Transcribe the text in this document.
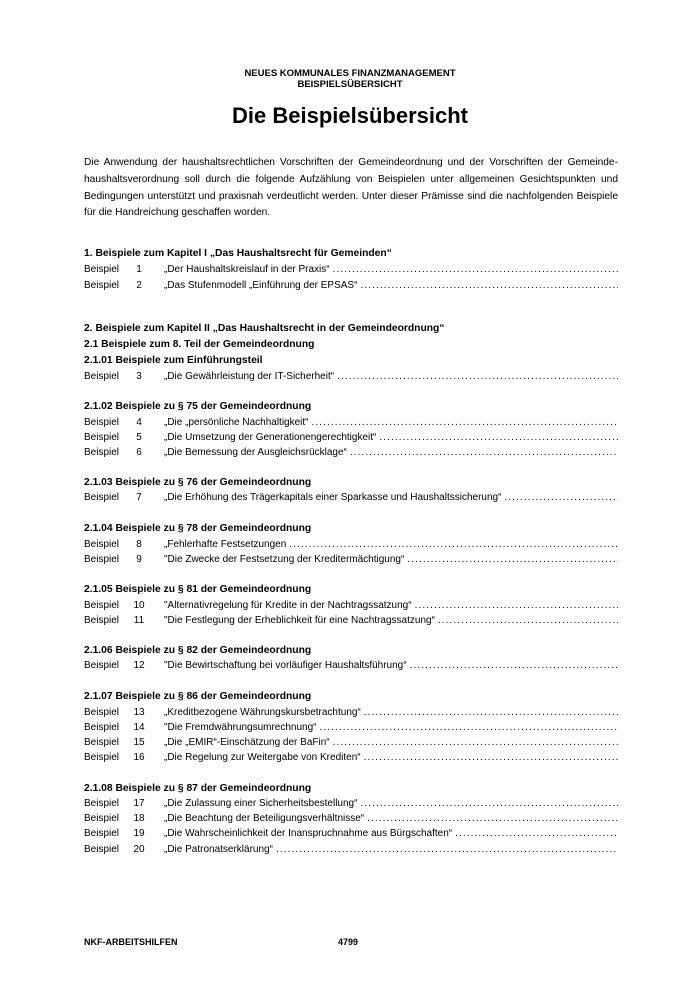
NEUES KOMMUNALES FINANZMANAGEMENT
BEISPIELSÜBERSICHT
Die Beispielsübersicht
Die Anwendung der haushaltsrechtlichen Vorschriften der Gemeindeordnung und der Vorschriften der Gemeindehaushaltsverordnung soll durch die folgende Aufzählung von Beispielen unter allgemeinen Gesichtspunkten und Bedingungen unterstützt und praxisnah verdeutlicht werden. Unter dieser Prämisse sind die nachfolgenden Beispiele für die Handreichung geschaffen worden.
1. Beispiele zum Kapitel I „Das Haushaltsrecht für Gemeinden“
Beispiel	1	„Der Haushaltskreislauf in der Praxis“ .....
Beispiel	2	„Das Stufenmodell „Einführung der EPSAS“ .....
2. Beispiele zum Kapitel II „Das Haushaltsrecht in der Gemeindeordnung“
2.1 Beispiele zum 8. Teil der Gemeindeordnung
2.1.01 Beispiele zum Einführungsteil
Beispiel	3	„Die Gewährleistung der IT-Sicherheit“ .....
2.1.02 Beispiele zu § 75 der Gemeindeordnung
Beispiel	4	„Die „persönliche Nachhaltigkeit“ .....
Beispiel	5	„Die Umsetzung der Generationengerechtigkeit“ .....
Beispiel	6	„Die Bemessung der Ausgleichsrücklage“ .....
2.1.03 Beispiele zu § 76 der Gemeindeordnung
Beispiel	7	„Die Erhöhung des Trägerkapitals einer Sparkasse und Haushaltssicherung“ .....
2.1.04 Beispiele zu § 78 der Gemeindeordnung
Beispiel	8	„Fehlerhafte Festsetzungen .....
Beispiel	9	"Die Zwecke der Festsetzung der Kreditermächtigung“ .....
2.1.05 Beispiele zu § 81 der Gemeindeordnung
Beispiel	10	"Alternativregelung für Kredite in der Nachtragssatzung“ .....
Beispiel	11	"Die Festlegung der Erheblichkeit für eine Nachtragssatzung“ .....
2.1.06 Beispiele zu § 82 der Gemeindeordnung
Beispiel	12	"Die Bewirtschaftung bei vorläufiger Haushaltsführung“ .....
2.1.07 Beispiele zu § 86 der Gemeindeordnung
Beispiel	13	„Kreditbezogene Währungskursbetrachtung“ .....
Beispiel	14	"Die Fremdwährungsumrechnung“ .....
Beispiel	15	„Die „EMIR“-Einschätzung der BaFin“ .....
Beispiel	16	„Die Regelung zur Weitergabe von Krediten“ .....
2.1.08 Beispiele zu § 87 der Gemeindeordnung
Beispiel	17	„Die Zulassung einer Sicherheitsbestellung“ .....
Beispiel	18	„Die Beachtung der Beteiligungsverhältnisse“ .....
Beispiel	19	„Die Wahrscheinlichkeit der Inanspruchnahme aus Bürgschaften“ .....
Beispiel	20	„Die Patronatserklärung“ .....
NKF-ARBEITSHILFEN	4799
